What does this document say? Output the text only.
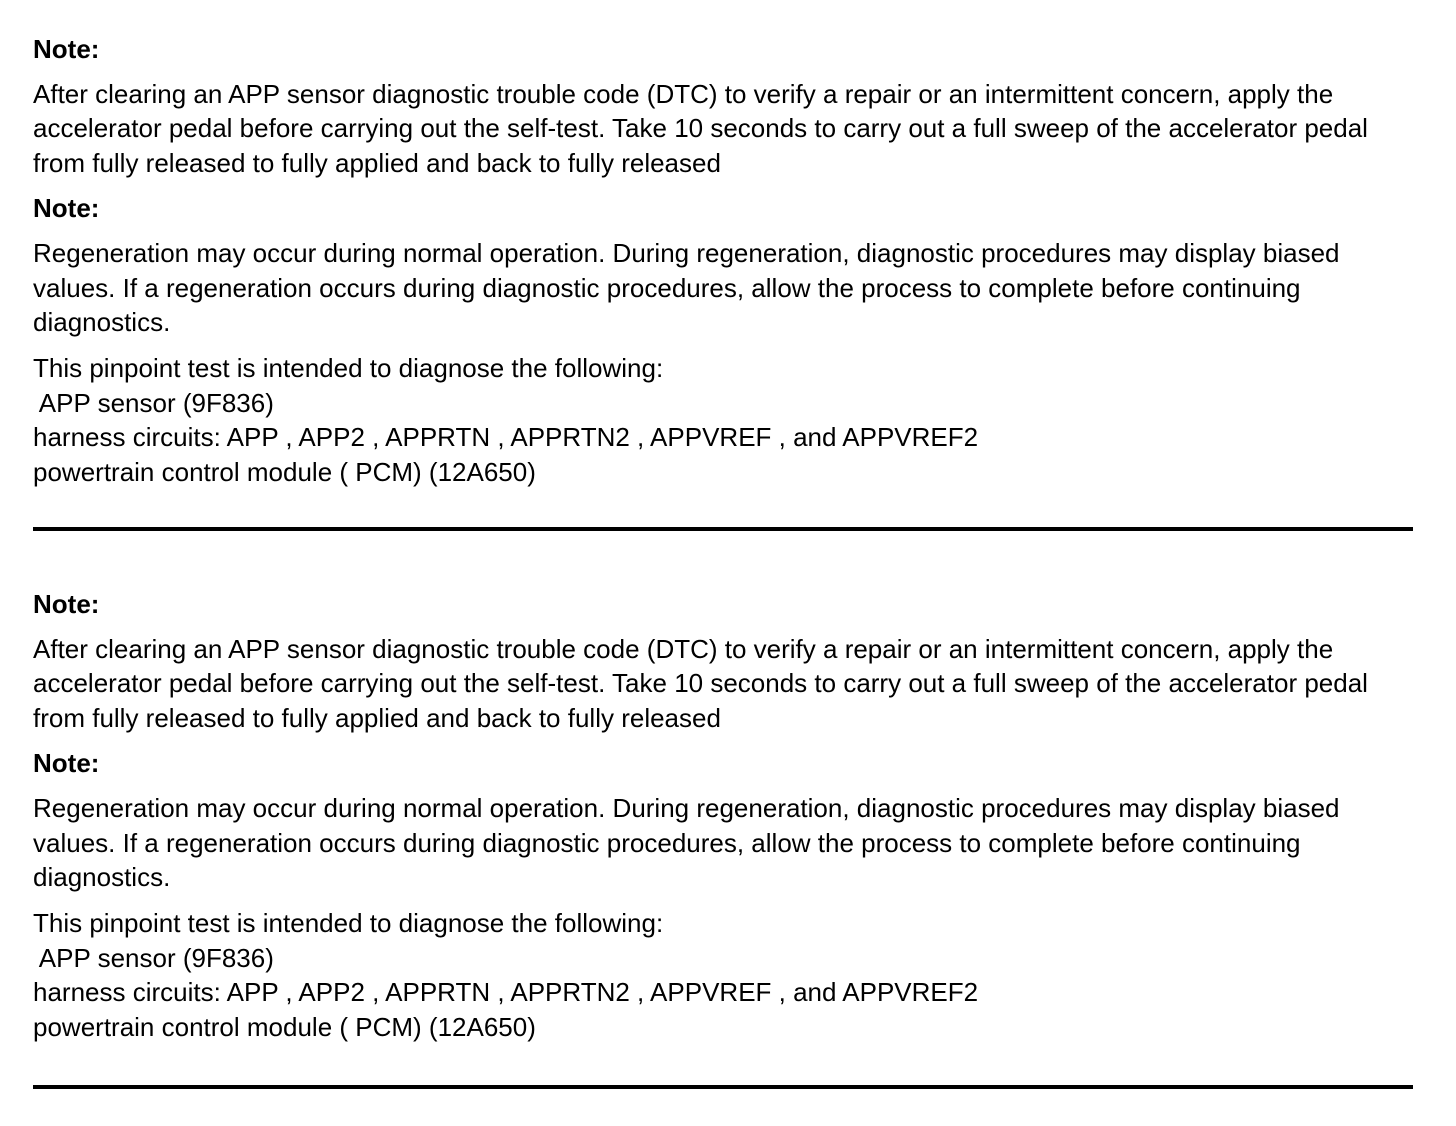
Note:

After clearing an APP sensor diagnostic trouble code (DTC) to verify a repair or an intermittent concern, apply the accelerator pedal before carrying out the self-test. Take 10 seconds to carry out a full sweep of the accelerator pedal from fully released to fully applied and back to fully released

Note:

Regeneration may occur during normal operation. During regeneration, diagnostic procedures may display biased values. If a regeneration occurs during diagnostic procedures, allow the process to complete before continuing diagnostics.

This pinpoint test is intended to diagnose the following:

APP sensor (9F836)

harness circuits: APP , APP2 , APPRTN , APPRTN2 , APPVREF , and APPVREF2

powertrain control module ( PCM) (12A650)

Note:

After clearing an APP sensor diagnostic trouble code (DTC) to verify a repair or an intermittent concern, apply the accelerator pedal before carrying out the self-test. Take 10 seconds to carry out a full sweep of the accelerator pedal from fully released to fully applied and back to fully released

Note:

Regeneration may occur during normal operation. During regeneration, diagnostic procedures may display biased values. If a regeneration occurs during diagnostic procedures, allow the process to complete before continuing diagnostics.

This pinpoint test is intended to diagnose the following:

APP sensor (9F836)

harness circuits: APP , APP2 , APPRTN , APPRTN2 , APPVREF , and APPVREF2

powertrain control module ( PCM) (12A650)
